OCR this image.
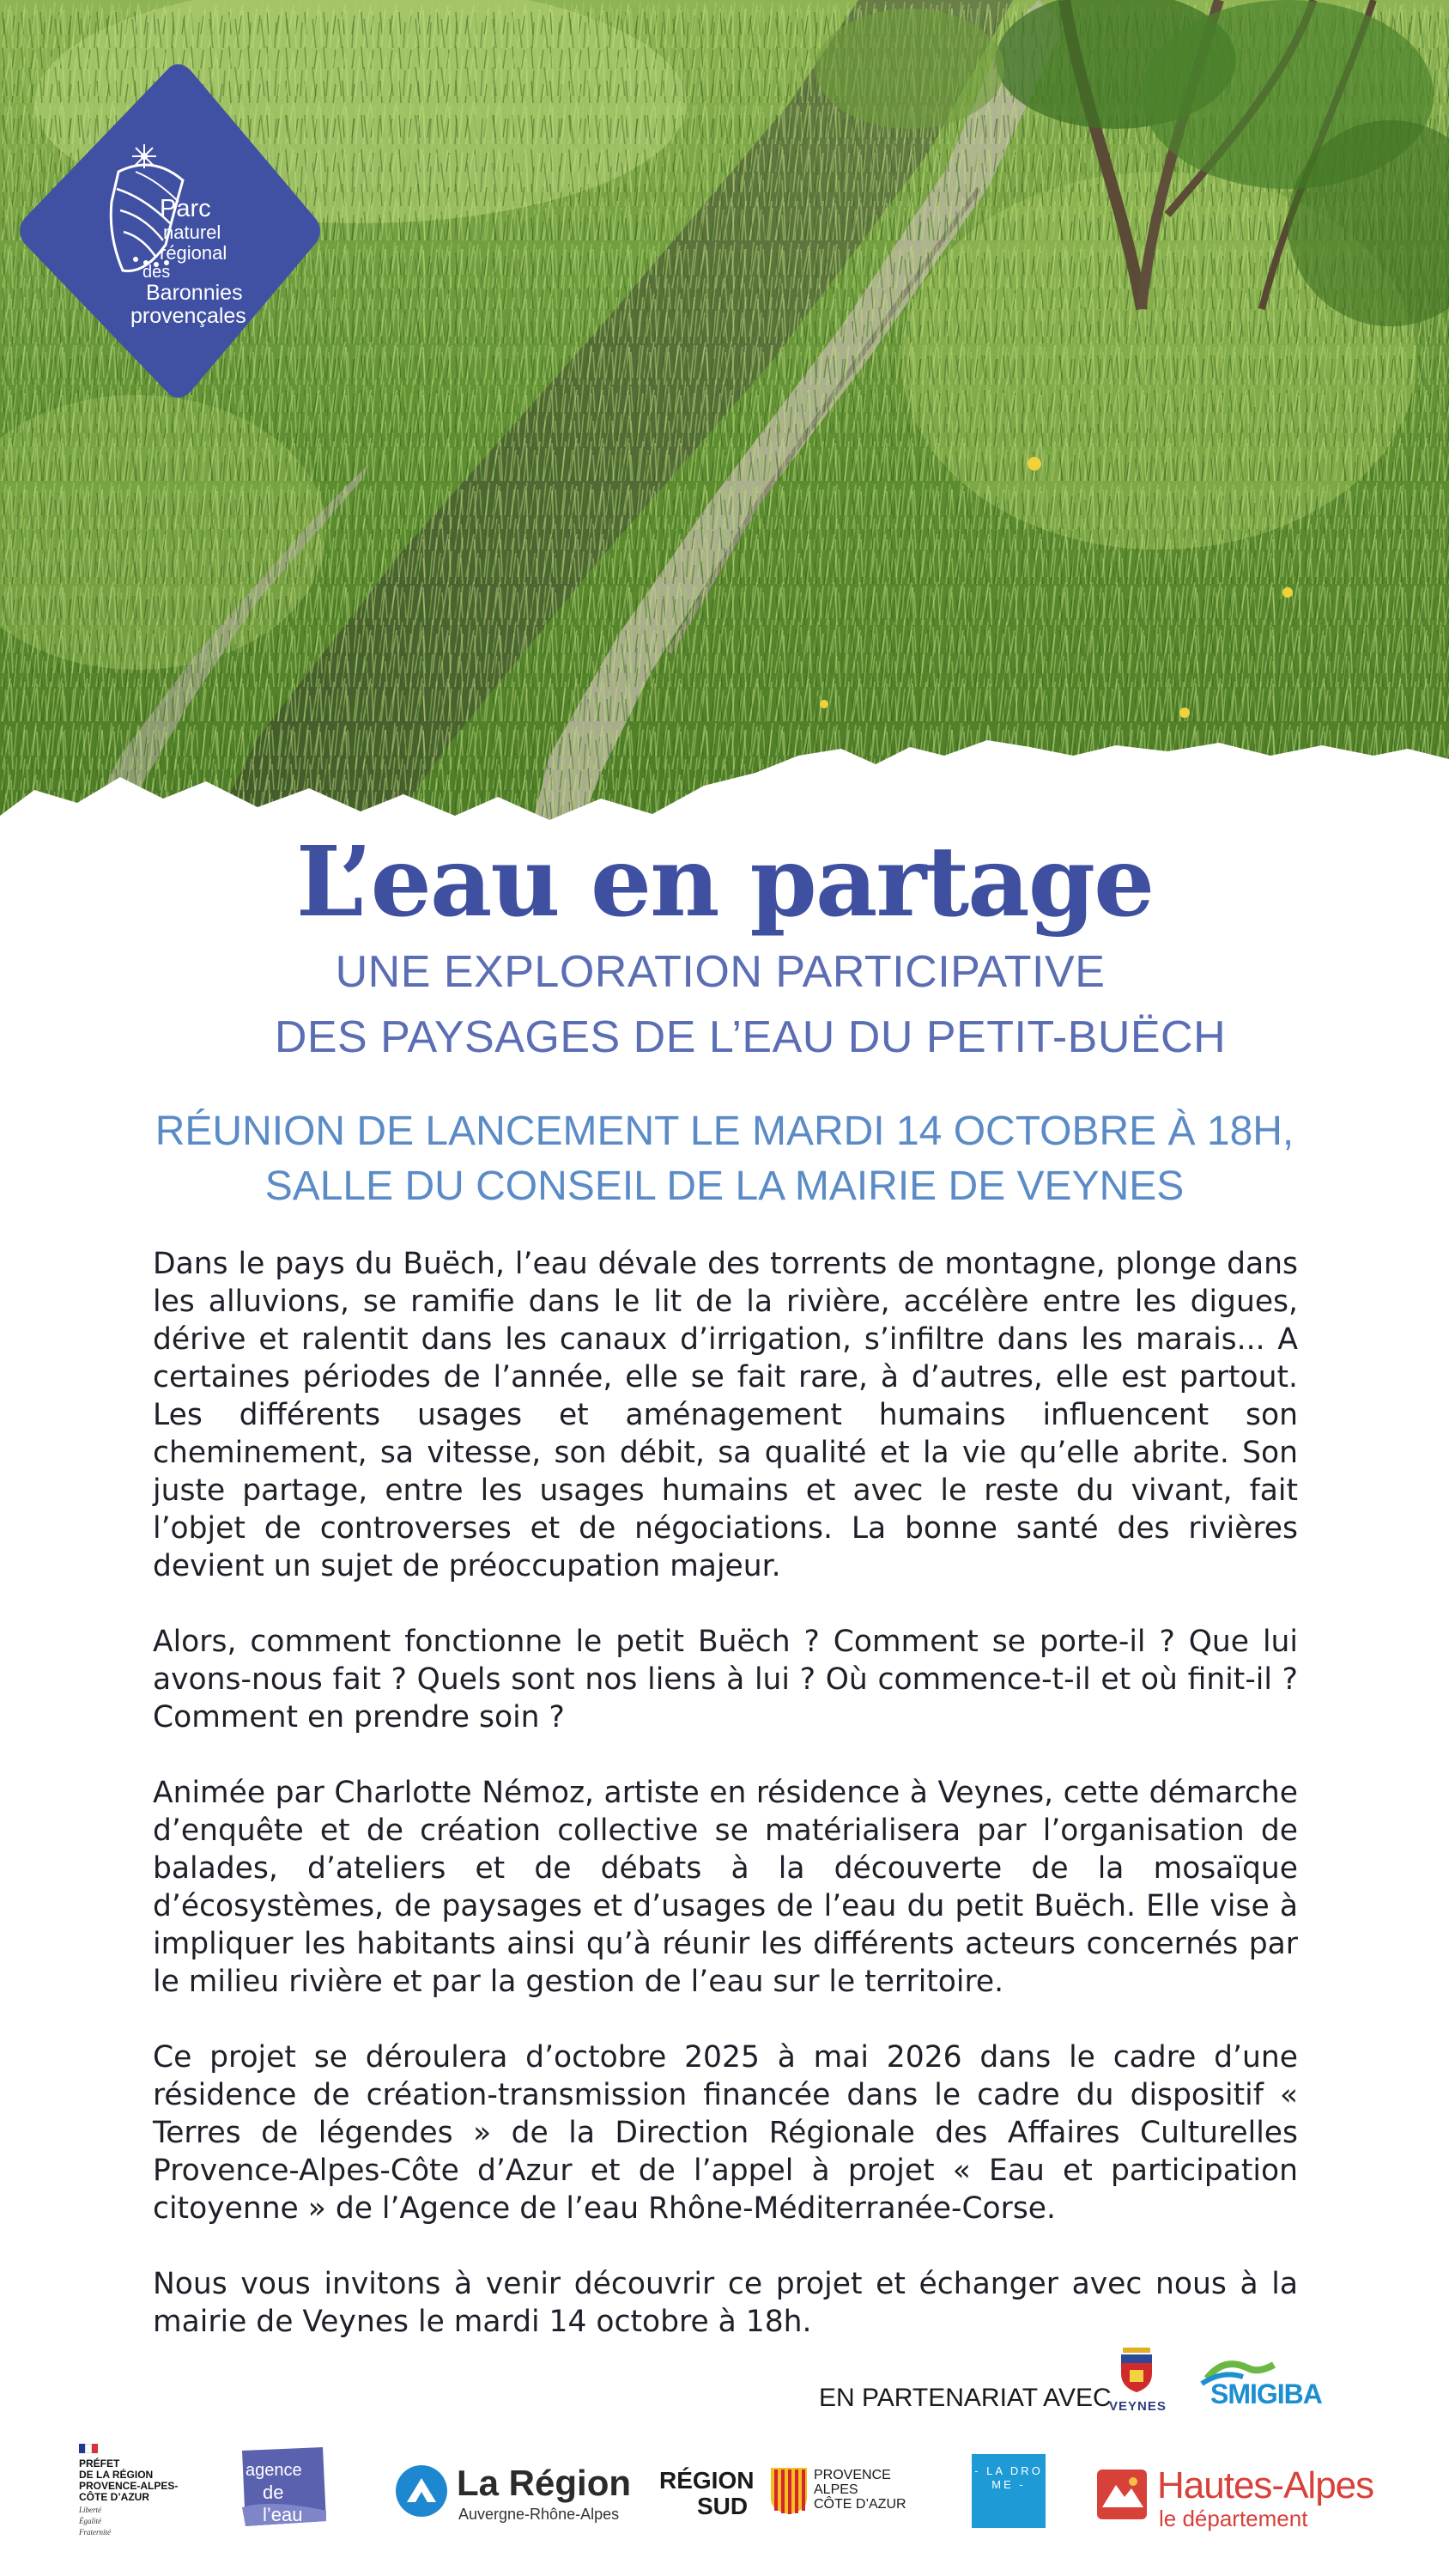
Parc
naturel
régional
des
Baronnies
provençales
L’eau en partage
UNE EXPLORATION PARTICIPATIVE
DES PAYSAGES DE L’EAU DU PETIT-BUËCH
RÉUNION DE LANCEMENT LE MARDI 14 OCTOBRE À 18H,
SALLE DU CONSEIL DE LA MAIRIE DE VEYNES

Dans le pays du Buëch, l’eau dévale des torrents de montagne, plonge dans les alluvions, se ramifie dans le lit de la rivière, accélère entre les digues, dérive et ralentit dans les canaux d’irrigation, s’infiltre dans les marais... A certaines périodes de l’année, elle se fait rare, à d’autres, elle est partout. Les différents usages et aménagement humains influencent son cheminement, sa vitesse, son débit, sa qualité et la vie qu’elle abrite. Son juste partage, entre les usages humains et avec le reste du vivant, fait l’objet de controverses et de négociations. La bonne santé des rivières devient un sujet de préoccupation majeur.

Alors, comment fonctionne le petit Buëch ? Comment se porte-il ? Que lui avons-nous fait ? Quels sont nos liens à lui ? Où commence-t-il et où finit-il ? Comment en prendre soin ?

Animée par Charlotte Némoz, artiste en résidence à Veynes, cette démarche d’enquête et de création collective se matérialisera par l’organisation de balades, d’ateliers et de débats à la découverte de la mosaïque d’écosystèmes, de paysages et d’usages de l’eau du petit Buëch. Elle vise à impliquer les habitants ainsi qu’à réunir les différents acteurs concernés par le milieu rivière et par la gestion de l’eau sur le territoire.

Ce projet se déroulera d’octobre 2025 à mai 2026 dans le cadre d’une résidence de création-transmission financée dans le cadre du dispositif « Terres de légendes » de la Direction Régionale des Affaires Culturelles Provence-Alpes-Côte d’Azur et de l’appel à projet « Eau et participation citoyenne » de l’Agence de l’eau Rhône-Méditerranée-Corse.

Nous vous invitons à venir découvrir ce projet et échanger avec nous à la mairie de Veynes le mardi 14 octobre à 18h.

EN PARTENARIAT AVEC
VEYNES SMIGIBA
PRÉFET
DE LA RÉGION
PROVENCE-ALPES-
CÔTE D’AZUR
Liberté
Égalité
Fraternité
agence
de l’eau
La Région
Auvergne-Rhône-Alpes
RÉGION
SUD
PROVENCE
ALPES
CÔTE D’AZUR
- LA DRO ME -	Hautes-Alpes
le département
